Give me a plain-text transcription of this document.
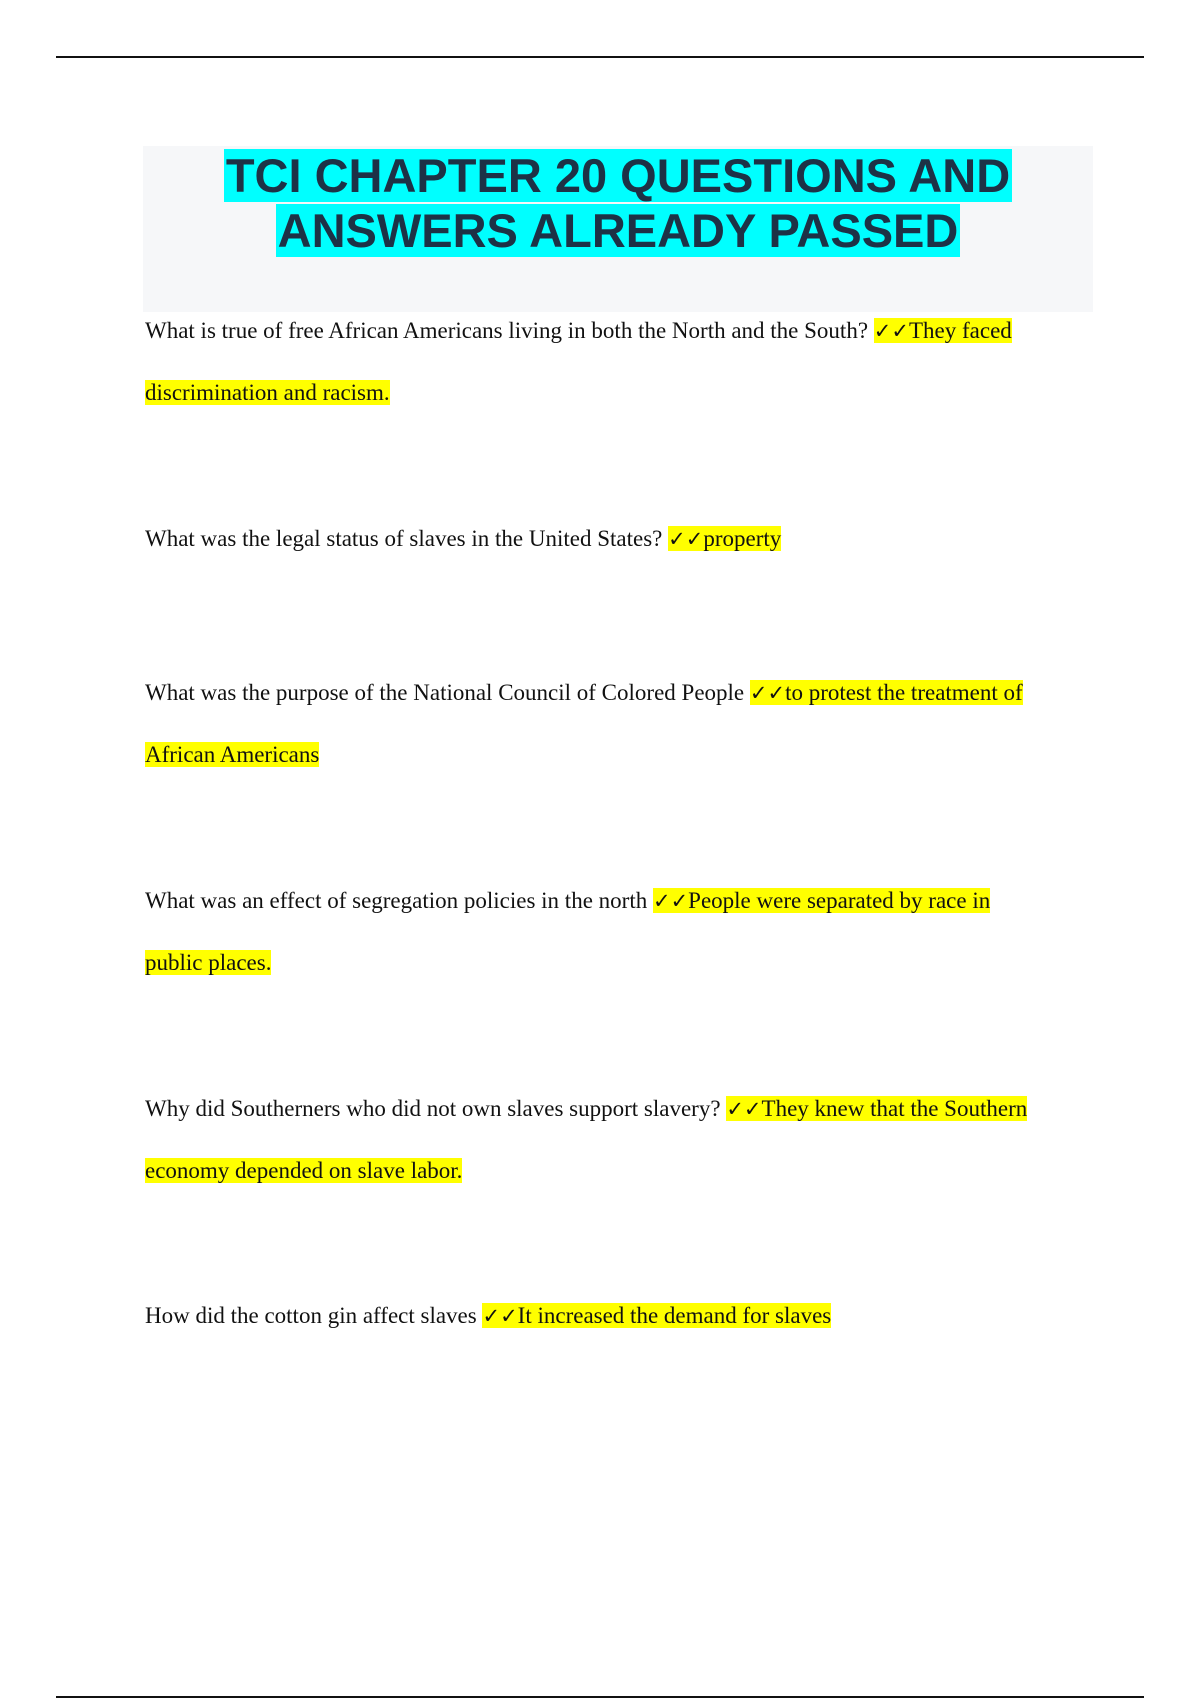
TCI CHAPTER 20 QUESTIONS AND ANSWERS ALREADY PASSED

What is true of free African Americans living in both the North and the South? ✓✓They faced discrimination and racism.

What was the legal status of slaves in the United States? ✓✓property

What was the purpose of the National Council of Colored People ✓✓to protest the treatment of African Americans

What was an effect of segregation policies in the north ✓✓People were separated by race in public places.

Why did Southerners who did not own slaves support slavery? ✓✓They knew that the Southern economy depended on slave labor.

How did the cotton gin affect slaves ✓✓It increased the demand for slaves
